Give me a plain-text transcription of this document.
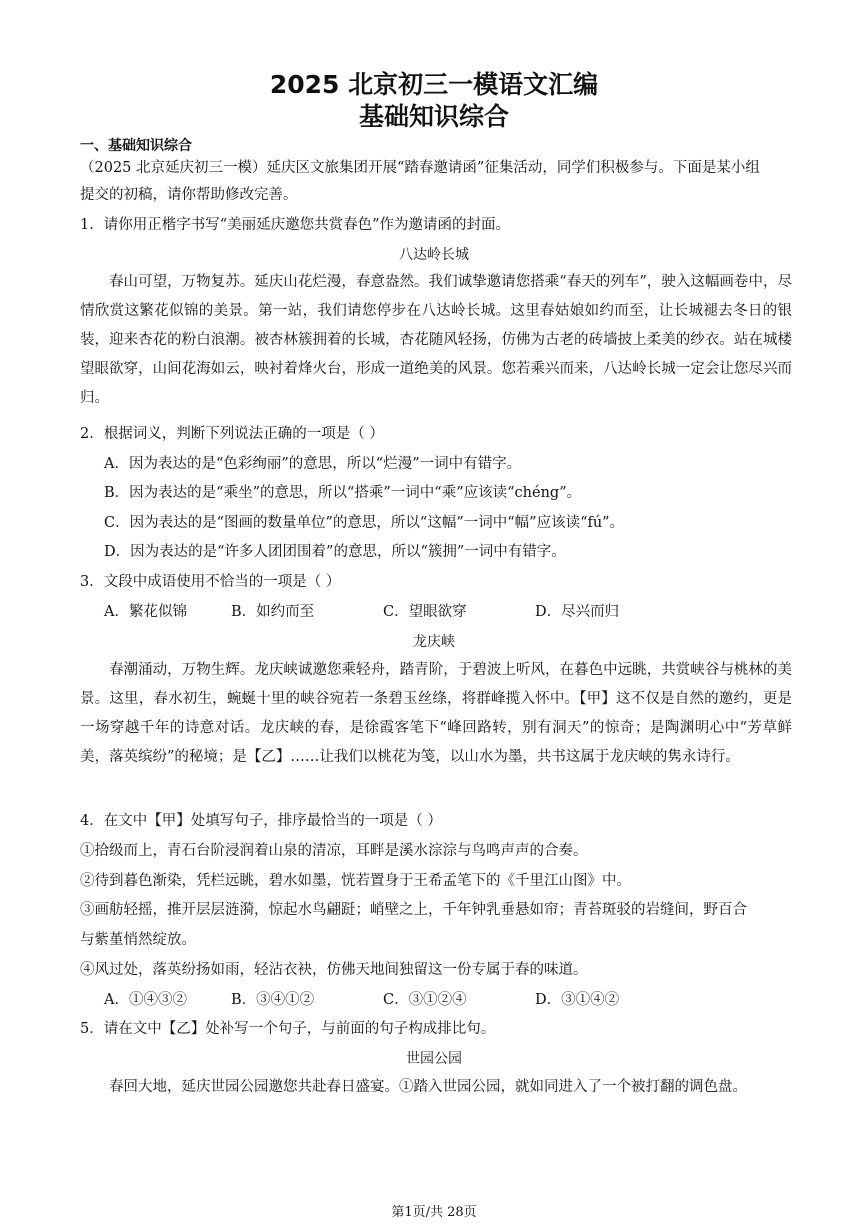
2025 北京初三一模语文汇编
基础知识综合
一、基础知识综合
（2025 北京延庆初三一模）延庆区文旅集团开展“踏春邀请函”征集活动，同学们积极参与。下面是某小组
提交的初稿，请你帮助修改完善。
1．请你用正楷字书写“美丽延庆邀您共赏春色”作为邀请函的封面。
八达岭长城
春山可望，万物复苏。延庆山花烂漫，春意盎然。我们诚挚邀请您搭乘“春天的列车”，驶入这幅画卷中，尽情欣赏这繁花似锦的美景。第一站，我们请您停步在八达岭长城。这里春姑娘如约而至，让长城褪去冬日的银装，迎来杏花的粉白浪潮。被杏林簇拥着的长城，杏花随风轻扬，仿佛为古老的砖墙披上柔美的纱衣。站在城楼望眼欲穿，山间花海如云，映衬着烽火台，形成一道绝美的风景。您若乘兴而来，八达岭长城一定会让您尽兴而归。
2．根据词义，判断下列说法正确的一项是（ ）
A．因为表达的是“色彩绚丽”的意思，所以“烂漫”一词中有错字。
B．因为表达的是“乘坐”的意思，所以“搭乘”一词中“乘”应该读“chéng”。
C．因为表达的是“图画的数量单位”的意思，所以“这幅”一词中“幅”应该读“fú”。
D．因为表达的是“许多人团团围着”的意思，所以“簇拥”一词中有错字。
3．文段中成语使用不恰当的一项是（ ）
A．繁花似锦	B．如约而至	C．望眼欲穿	D．尽兴而归
龙庆峡
春潮涌动，万物生辉。龙庆峡诚邀您乘轻舟，踏青阶，于碧波上听风，在暮色中远眺，共赏峡谷与桃林的美景。这里，春水初生，蜿蜒十里的峡谷宛若一条碧玉丝绦，将群峰揽入怀中。【甲】这不仅是自然的邀约，更是一场穿越千年的诗意对话。龙庆峡的春，是徐霞客笔下“峰回路转，别有洞天”的惊奇；是陶渊明心中“芳草鲜美，落英缤纷”的秘境；是【乙】……让我们以桃花为笺，以山水为墨，共书这属于龙庆峡的隽永诗行。
4．在文中【甲】处填写句子，排序最恰当的一项是（ ）
①拾级而上，青石台阶浸润着山泉的清凉，耳畔是溪水淙淙与鸟鸣声声的合奏。
②待到暮色渐染，凭栏远眺，碧水如墨，恍若置身于王希孟笔下的《千里江山图》中。
③画舫轻摇，推开层层涟漪，惊起水鸟翩跹；峭壁之上，千年钟乳垂悬如帘；青苔斑驳的岩缝间，野百合
与紫堇悄然绽放。
④风过处，落英纷扬如雨，轻沾衣袂，仿佛天地间独留这一份专属于春的味道。
A．①④③②	B．③④①②	C．③①②④	D．③①④②
5．请在文中【乙】处补写一个句子，与前面的句子构成排比句。
世园公园
春回大地，延庆世园公园邀您共赴春日盛宴。①踏入世园公园，就如同进入了一个被打翻的调色盘。
第1页/共 28页
